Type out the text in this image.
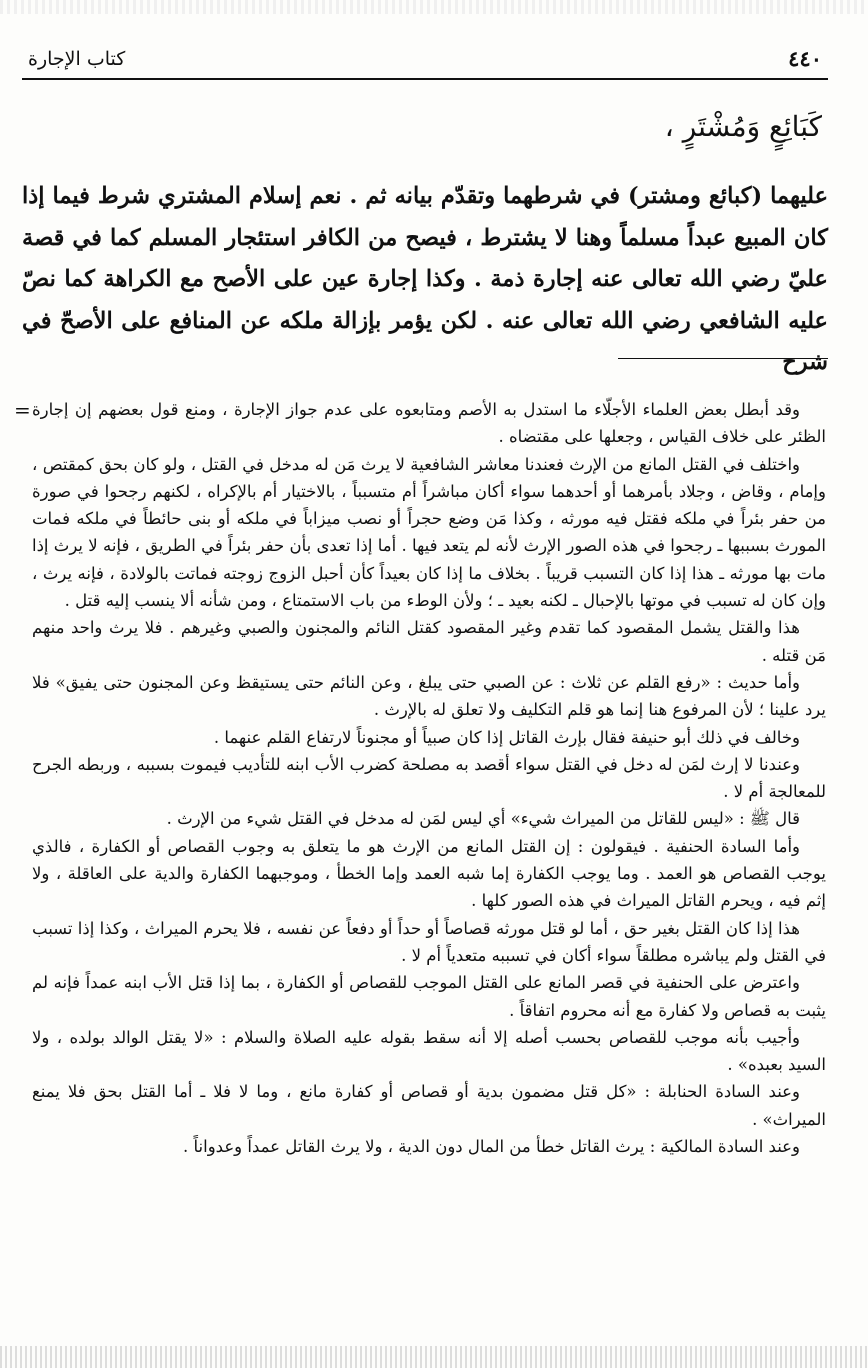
٤٤٠
كتاب الإجارة
كَبَائِعٍ وَمُشْتَرٍ ،

عليهما (كبائع ومشتر) في شرطهما وتقدّم بيانه ثم . نعم إسلام المشتري شرط فيما إذا كان المبيع عبداً مسلماً وهنا لا يشترط ، فيصح من الكافر استئجار المسلم كما في قصة عليّ رضي الله تعالى عنه إجارة ذمة . وكذا إجارة عين على الأصح مع الكراهة كما نصّ عليه الشافعي رضي الله تعالى عنه . لكن يؤمر بإزالة ملكه عن المنافع على الأصحّ في شرح

= وقد أبطل بعض العلماء الأجلّاء ما استدل به الأصم ومتابعوه على عدم جواز الإجارة ، ومنع قول بعضهم إن إجارة الظئر على خلاف القياس ، وجعلها على مقتضاه .

واختلف في القتل المانع من الإرث فعندنا معاشر الشافعية لا يرث مَن له مدخل في القتل ، ولو كان بحق كمقتص ، وإمام ، وقاض ، وجلاد بأمرهما أو أحدهما سواء أكان مباشراً أم متسبباً ، بالاختيار أم بالإكراه ، لكنهم رجحوا في صورة من حفر بئراً في ملكه فقتل فيه مورثه ، وكذا مَن وضع حجراً أو نصب ميزاباً في ملكه أو بنى حائطاً في ملكه فمات المورث بسببها ـ رجحوا في هذه الصور الإرث لأنه لم يتعد فيها . أما إذا تعدى بأن حفر بئراً في الطريق ، فإنه لا يرث إذا مات بها مورثه ـ هذا إذا كان التسبب قريباً . بخلاف ما إذا كان بعيداً كأن أحبل الزوج زوجته فماتت بالولادة ، فإنه يرث ، وإن كان له تسبب في موتها بالإحبال ـ لكنه بعيد ـ ؛ ولأن الوطء من باب الاستمتاع ، ومن شأنه ألا ينسب إليه قتل .

هذا والقتل يشمل المقصود كما تقدم وغير المقصود كقتل النائم والمجنون والصبي وغيرهم . فلا يرث واحد منهم مَن قتله .

وأما حديث : «رفع القلم عن ثلاث : عن الصبي حتى يبلغ ، وعن النائم حتى يستيقظ وعن المجنون حتى يفيق» فلا يرد علينا ؛ لأن المرفوع هنا إنما هو قلم التكليف ولا تعلق له بالإرث .

وخالف في ذلك أبو حنيفة فقال بإرث القاتل إذا كان صبياً أو مجنوناً لارتفاع القلم عنهما .

وعندنا لا إرث لمَن له دخل في القتل سواء أقصد به مصلحة كضرب الأب ابنه للتأديب فيموت بسببه ، وربطه الجرح للمعالجة أم لا .

قال ﷺ : «ليس للقاتل من الميراث شيء» أي ليس لمَن له مدخل في القتل شيء من الإرث .

وأما السادة الحنفية . فيقولون : إن القتل المانع من الإرث هو ما يتعلق به وجوب القصاص أو الكفارة ، فالذي يوجب القصاص هو العمد . وما يوجب الكفارة إما شبه العمد وإما الخطأ ، وموجبهما الكفارة والدية على العاقلة ، ولا إثم فيه ، ويحرم القاتل الميراث في هذه الصور كلها .

هذا إذا كان القتل بغير حق ، أما لو قتل مورثه قصاصاً أو حداً أو دفعاً عن نفسه ، فلا يحرم الميراث ، وكذا إذا تسبب في القتل ولم يباشره مطلقاً سواء أكان في تسببه متعدياً أم لا .

واعترض على الحنفية في قصر المانع على القتل الموجب للقصاص أو الكفارة ، بما إذا قتل الأب ابنه عمداً فإنه لم يثبت به قصاص ولا كفارة مع أنه محروم اتفاقاً .

وأجيب بأنه موجب للقصاص بحسب أصله إلا أنه سقط بقوله عليه الصلاة والسلام : «لا يقتل الوالد بولده ، ولا السيد بعبده» .

وعند السادة الحنابلة : «كل قتل مضمون بدية أو قصاص أو كفارة مانع ، وما لا فلا ـ أما القتل بحق فلا يمنع الميراث» .

وعند السادة المالكية : يرث القاتل خطأ من المال دون الدية ، ولا يرث القاتل عمداً وعدواناً .
